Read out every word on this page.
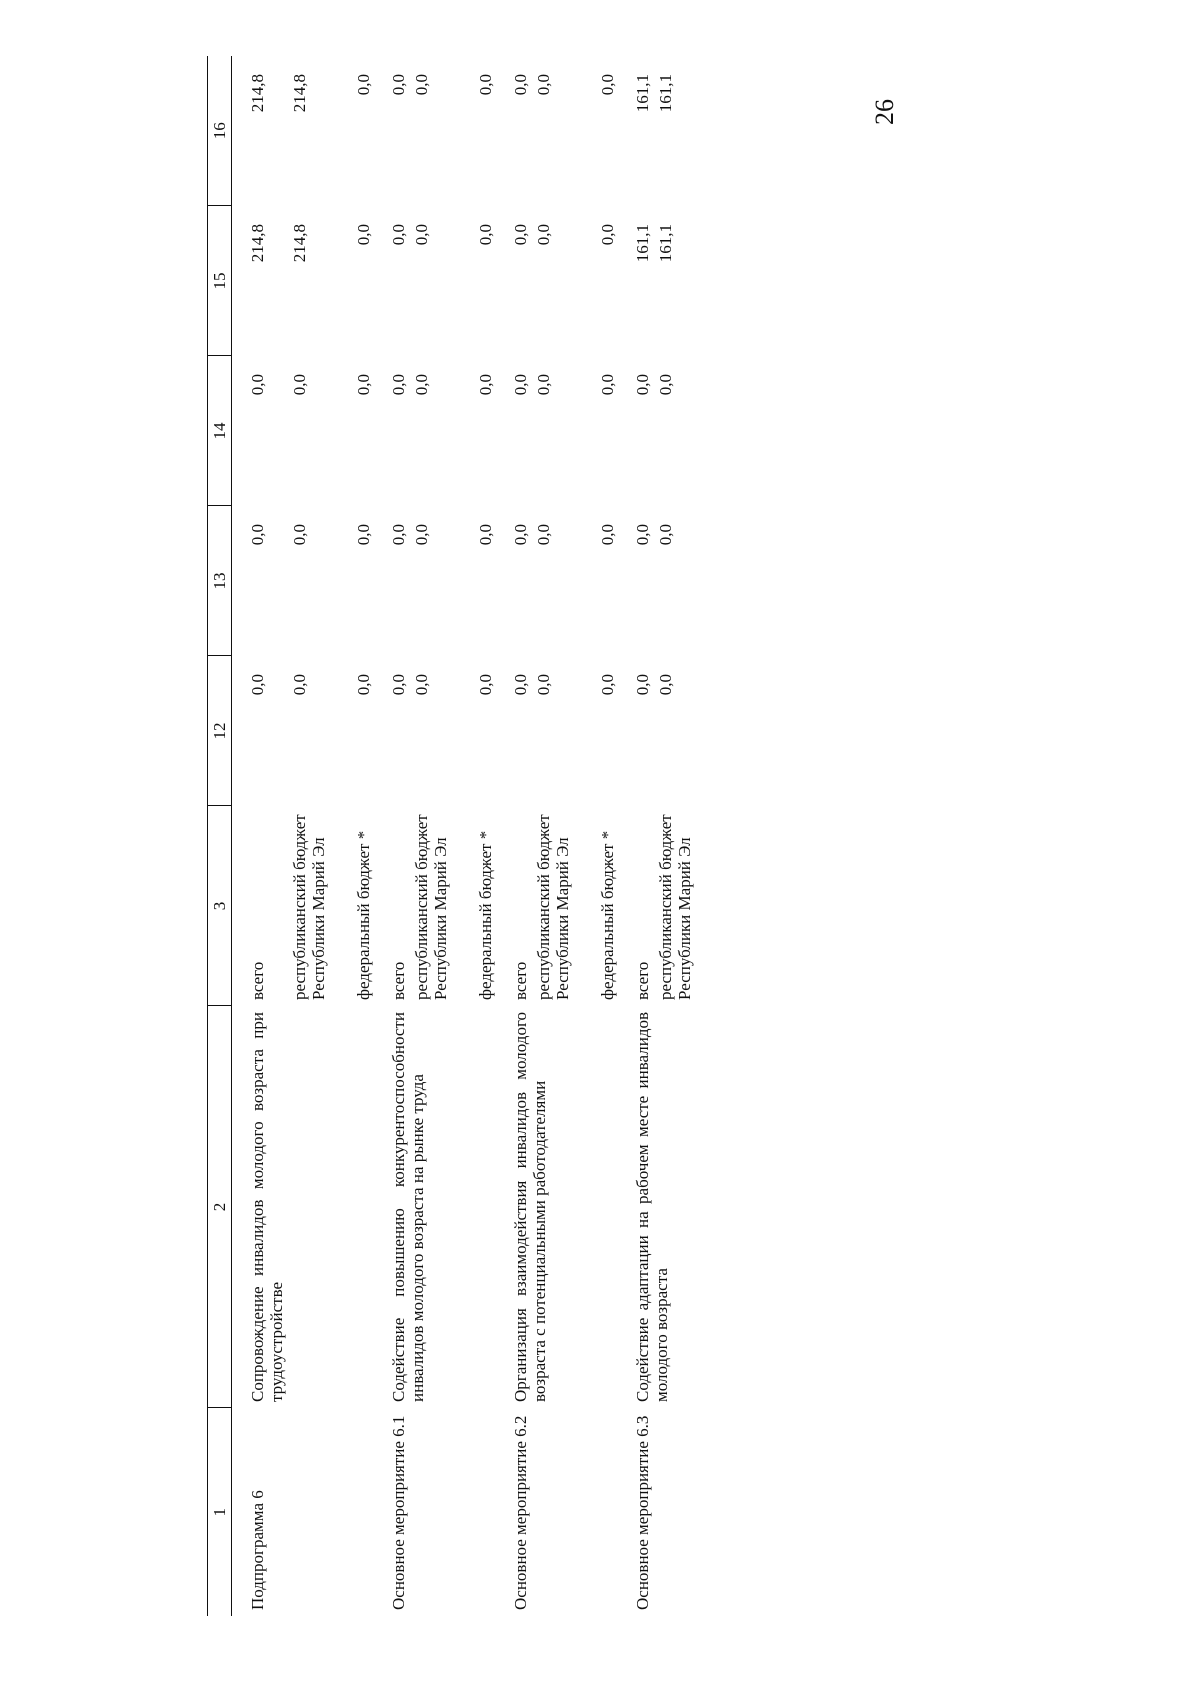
26
1	2	3	12	13	14	15	16
Подпрограмма 6	Сопровождение инвалидов молодого возраста при трудоустройстве	всего	0,0	0,0	0,0	214,8	214,8
		республиканский бюджет Республики Марий Эл	0,0	0,0	0,0	214,8	214,8
		федеральный бюджет *	0,0	0,0	0,0	0,0	0,0
Основное мероприятие 6.1	Содействие повышению конкурентоспособности инвалидов молодого возраста на рынке труда	всего	0,0	0,0	0,0	0,0	0,0
		республиканский бюджет Республики Марий Эл	0,0	0,0	0,0	0,0	0,0
		федеральный бюджет *	0,0	0,0	0,0	0,0	0,0
Основное мероприятие 6.2	Организация взаимодействия инвалидов молодого возраста с потенциальными работодателями	всего	0,0	0,0	0,0	0,0	0,0
		республиканский бюджет Республики Марий Эл	0,0	0,0	0,0	0,0	0,0
		федеральный бюджет *	0,0	0,0	0,0	0,0	0,0
Основное мероприятие 6.3	Содействие адаптации на рабочем месте инвалидов молодого возраста	всего	0,0	0,0	0,0	161,1	161,1
		республиканский бюджет Республики Марий Эл	0,0	0,0	0,0	161,1	161,1
